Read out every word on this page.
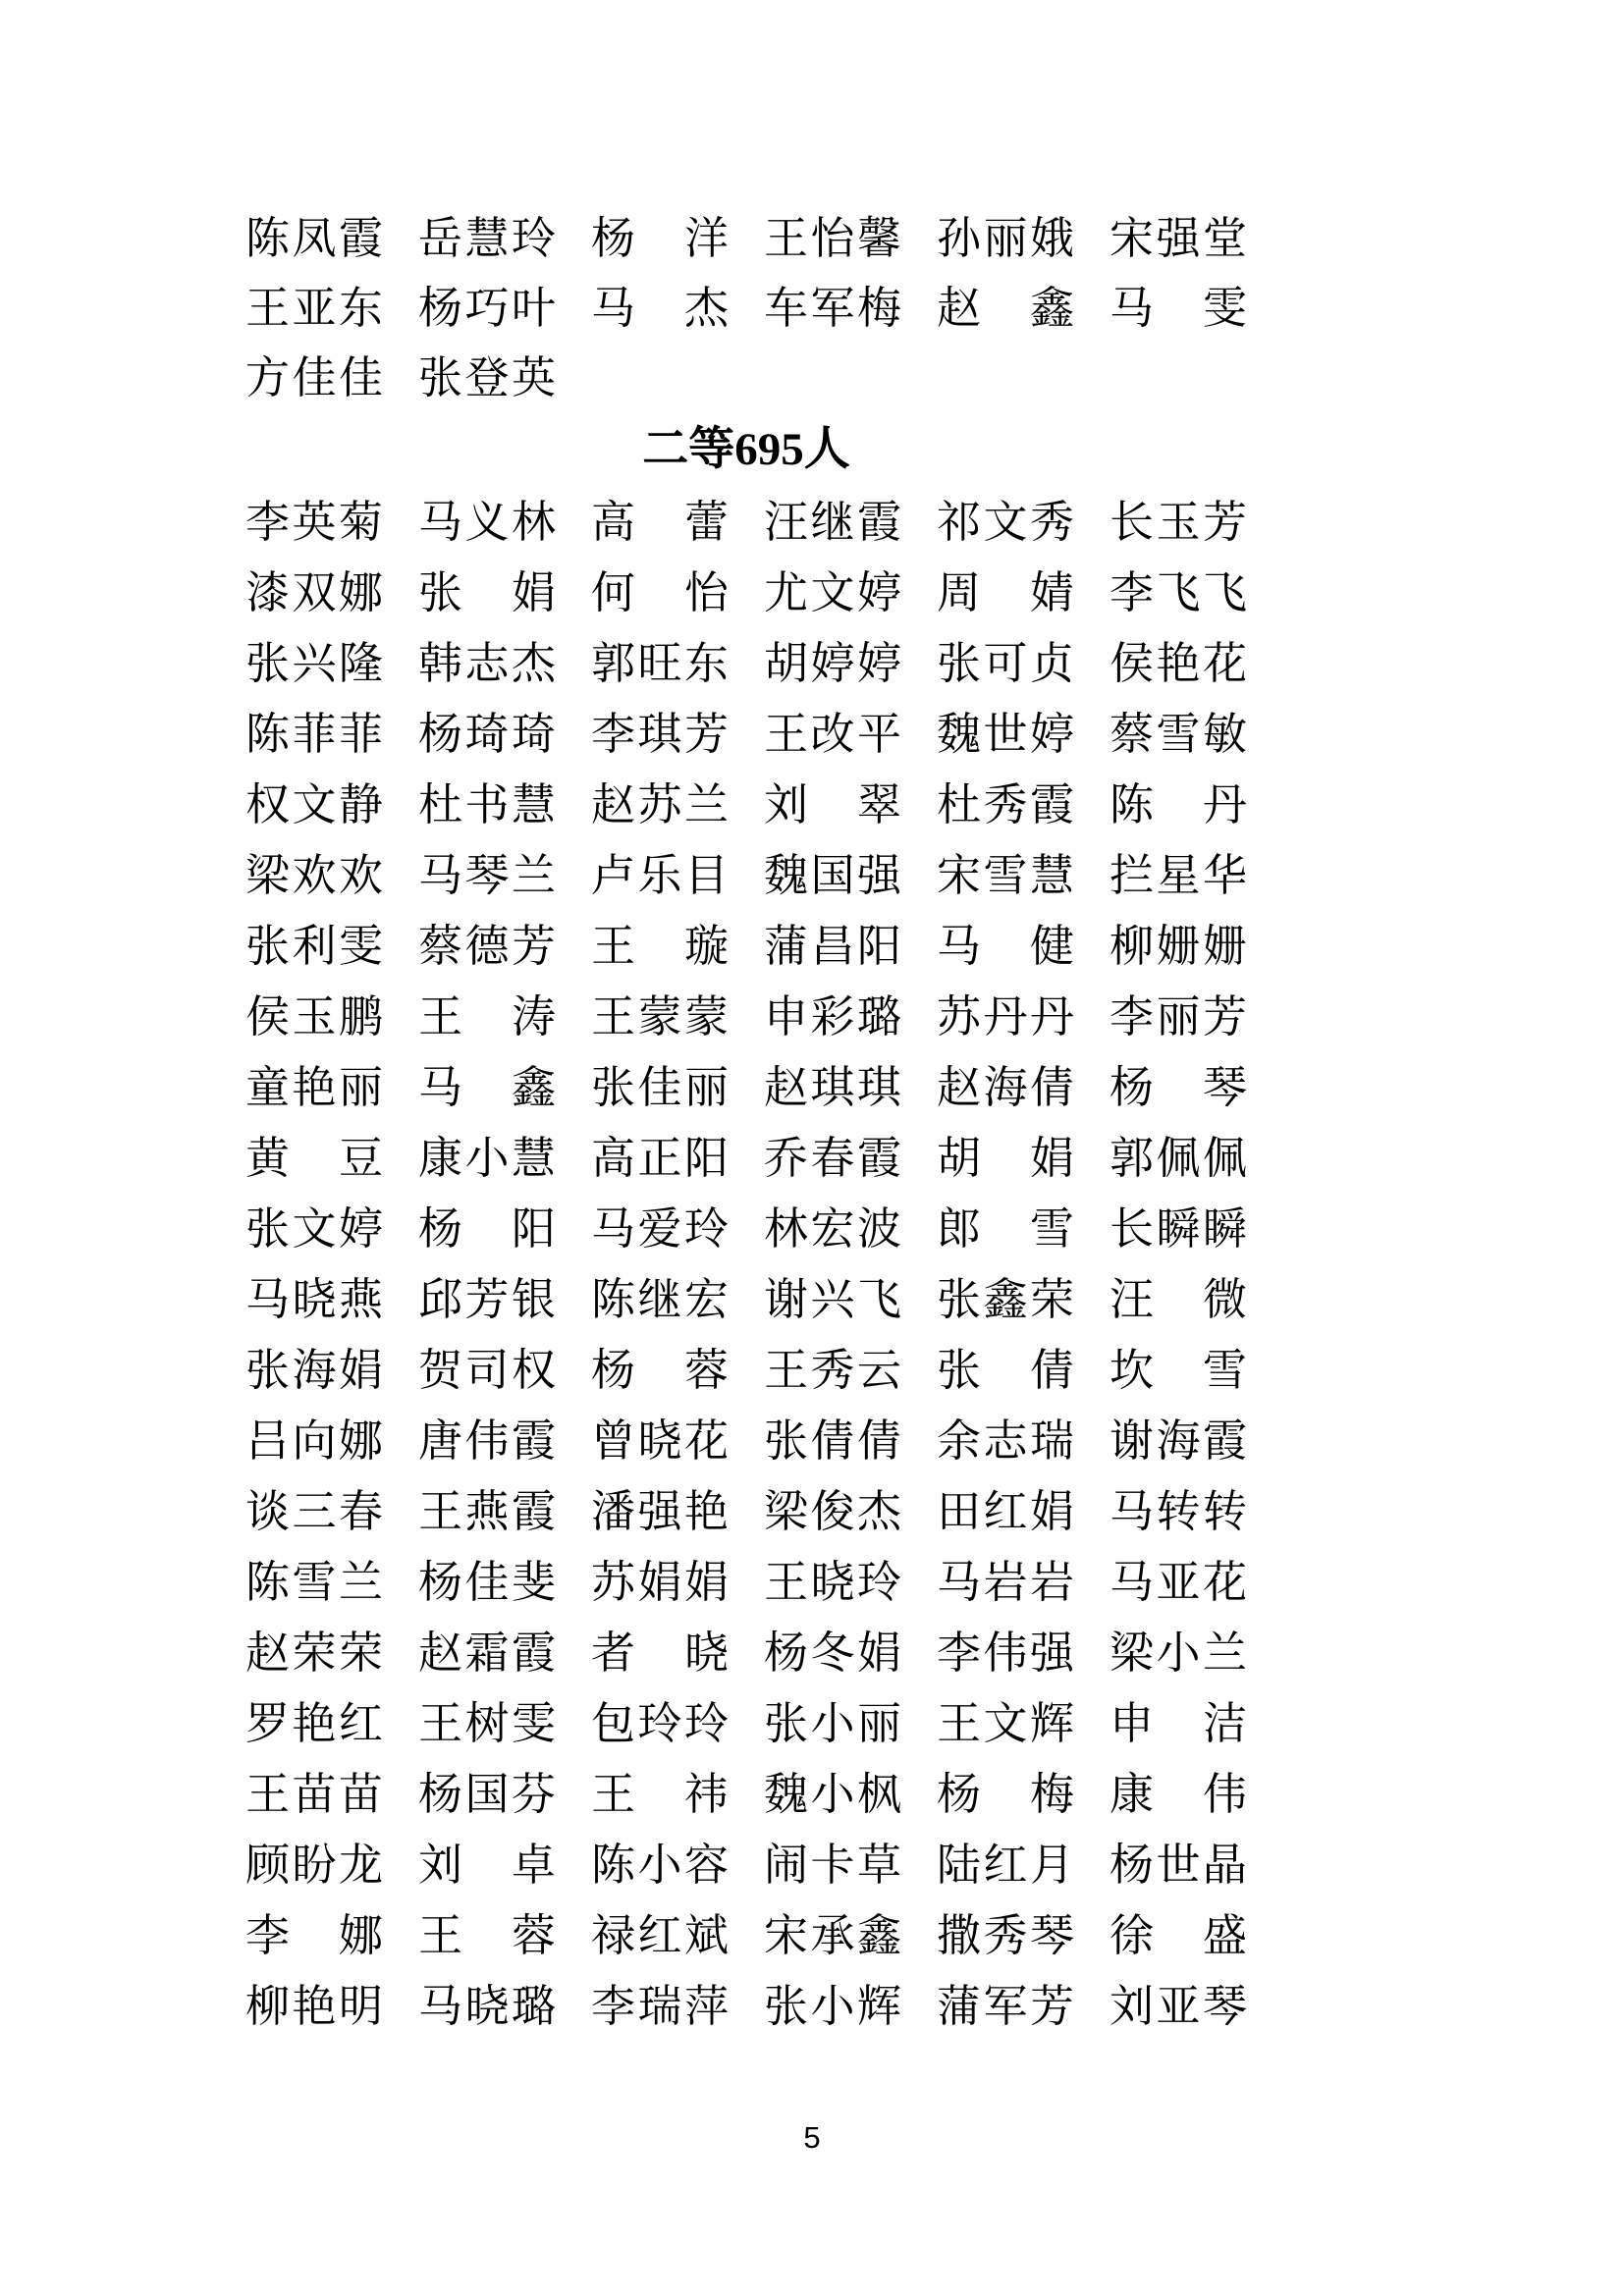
陈凤霞 岳慧玲 杨洋 王怡馨 孙丽娥 宋强堂
王亚东 杨巧叶 马杰 车军梅 赵鑫 马雯
方佳佳 张登英
二等695人
李英菊 马义林 高蕾 汪继霞 祁文秀 长玉芳
漆双娜 张娟 何怡 尤文婷 周婧 李飞飞
张兴隆 韩志杰 郭旺东 胡婷婷 张可贞 侯艳花
陈菲菲 杨琦琦 李琪芳 王改平 魏世婷 蔡雪敏
权文静 杜书慧 赵苏兰 刘翠 杜秀霞 陈丹
梁欢欢 马琴兰 卢乐目 魏国强 宋雪慧 拦星华
张利雯 蔡德芳 王璇 蒲昌阳 马健 柳姗姗
侯玉鹏 王涛 王蒙蒙 申彩璐 苏丹丹 李丽芳
童艳丽 马鑫 张佳丽 赵琪琪 赵海倩 杨琴
黄豆 康小慧 高正阳 乔春霞 胡娟 郭佩佩
张文婷 杨阳 马爱玲 林宏波 郎雪 长瞬瞬
马晓燕 邱芳银 陈继宏 谢兴飞 张鑫荣 汪微
张海娟 贺司权 杨蓉 王秀云 张倩 坎雪
吕向娜 唐伟霞 曾晓花 张倩倩 余志瑞 谢海霞
谈三春 王燕霞 潘强艳 梁俊杰 田红娟 马转转
陈雪兰 杨佳斐 苏娟娟 王晓玲 马岩岩 马亚花
赵荣荣 赵霜霞 者晓 杨冬娟 李伟强 梁小兰
罗艳红 王树雯 包玲玲 张小丽 王文辉 申洁
王苗苗 杨国芬 王祎 魏小枫 杨梅 康伟
顾盼龙 刘卓 陈小容 闹卡草 陆红月 杨世晶
李娜 王蓉 禄红斌 宋承鑫 撒秀琴 徐盛
柳艳明 马晓璐 李瑞萍 张小辉 蒲军芳 刘亚琴
5
